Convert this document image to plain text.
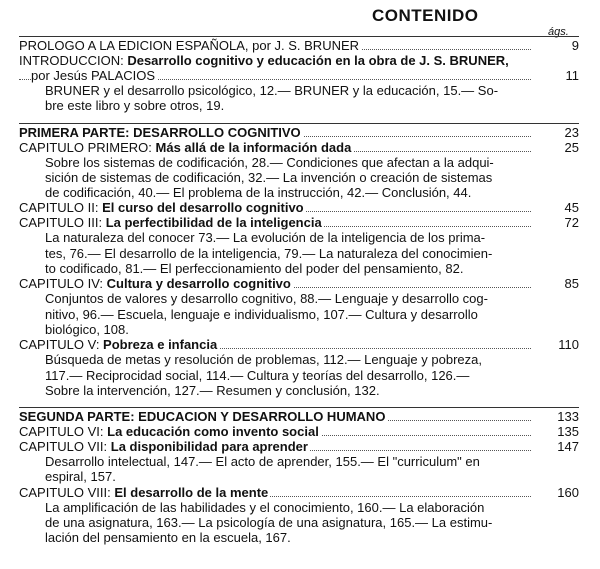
CONTENIDO
ágs.
PROLOGO A LA EDICION ESPAÑOLA, por J. S. BRUNER	9
INTRODUCCION: Desarrollo cognitivo y educación en la obra de J. S. BRUNER,
por Jesús PALACIOS	11
BRUNER y el desarrollo psicológico, 12.— BRUNER y la educación, 15.— So-
bre este libro y sobre otros, 19.
PRIMERA PARTE: DESARROLLO COGNITIVO	23
CAPITULO PRIMERO: Más allá de la información dada	25
Sobre los sistemas de codificación, 28.— Condiciones que afectan a la adqui-
sición de sistemas de codificación, 32.— La invención o creación de sistemas
de codificación, 40.— El problema de la instrucción, 42.— Conclusión, 44.
CAPITULO II: El curso del desarrollo cognitivo	45
CAPITULO III: La perfectibilidad de la inteligencia	72
La naturaleza del conocer 73.— La evolución de la inteligencia de los prima-
tes, 76.— El desarrollo de la inteligencia, 79.— La naturaleza del conocimien-
to codificado, 81.— El perfeccionamiento del poder del pensamiento, 82.
CAPITULO IV: Cultura y desarrollo cognitivo	85
Conjuntos de valores y desarrollo cognitivo, 88.— Lenguaje y desarrollo cog-
nitivo, 96.— Escuela, lenguaje e individualismo, 107.— Cultura y desarrollo
biológico, 108.
CAPITULO V: Pobreza e infancia	110
Búsqueda de metas y resolución de problemas, 112.— Lenguaje y pobreza,
117.— Reciprocidad social, 114.— Cultura y teorías del desarrollo, 126.—
Sobre la intervención, 127.— Resumen y conclusión, 132.
SEGUNDA PARTE: EDUCACION Y DESARROLLO HUMANO	133
CAPITULO VI: La educación como invento social	135
CAPITULO VII: La disponibilidad para aprender	147
Desarrollo intelectual, 147.— El acto de aprender, 155.— El "curriculum" en
espiral, 157.
CAPITULO VIII: El desarrollo de la mente	160
La amplificación de las habilidades y el conocimiento, 160.— La elaboración
de una asignatura, 163.— La psicología de una asignatura, 165.— La estimu-
lación del pensamiento en la escuela, 167.
